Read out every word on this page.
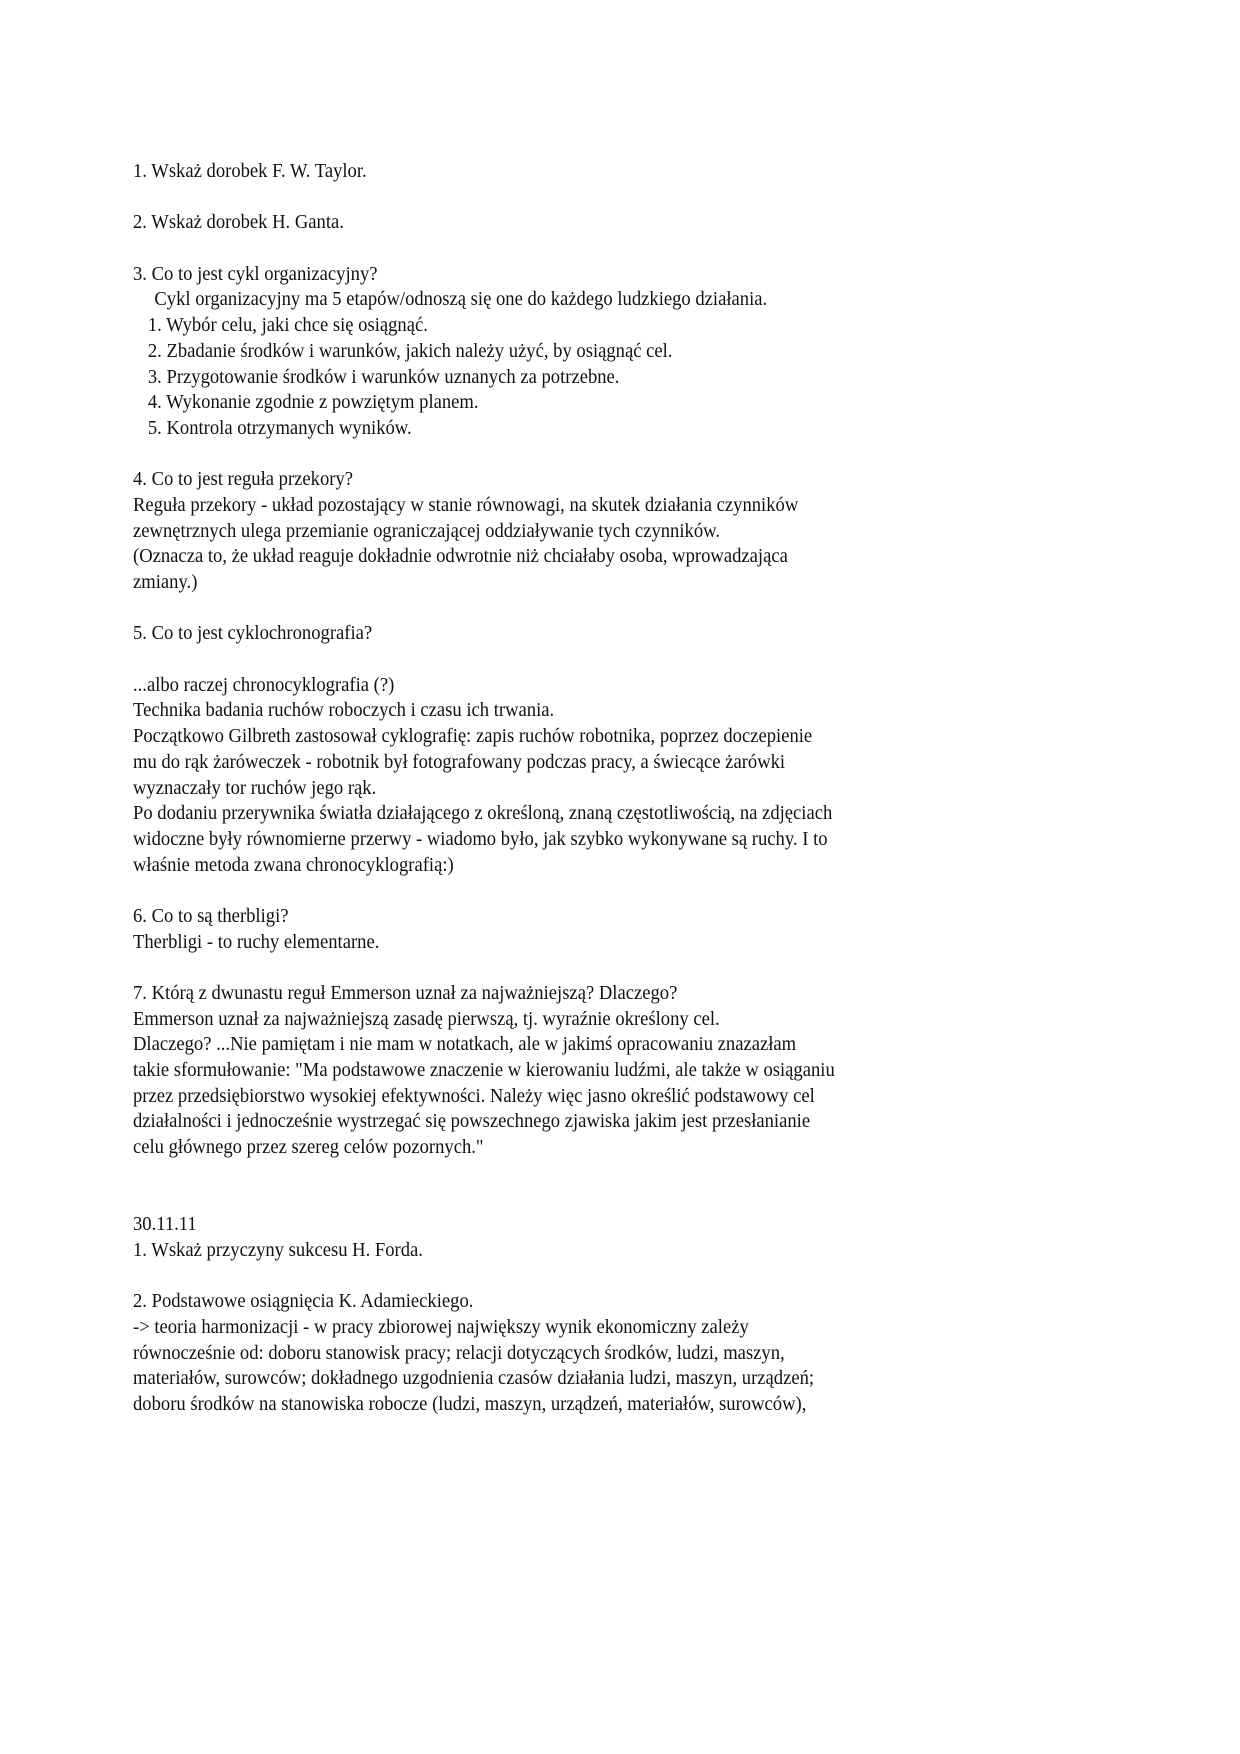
1. Wskaż dorobek F. W. Taylor.
2. Wskaż dorobek H. Ganta.
3. Co to jest cykl organizacyjny?
Cykl organizacyjny ma 5 etapów/odnoszą się one do każdego ludzkiego działania.
1. Wybór celu, jaki chce się osiągnąć.
2. Zbadanie środków i warunków, jakich należy użyć, by osiągnąć cel.
3. Przygotowanie środków i warunków uznanych za potrzebne.
4. Wykonanie zgodnie z powziętym planem.
5. Kontrola otrzymanych wyników.
4. Co to jest reguła przekory?
Reguła przekory - układ pozostający w stanie równowagi, na skutek działania czynników
zewnętrznych ulega przemianie ograniczającej oddziaływanie tych czynników.
(Oznacza to, że układ reaguje dokładnie odwrotnie niż chciałaby osoba, wprowadzająca
zmiany.)
5. Co to jest cyklochronografia?
...albo raczej chronocyklografia (?)
Technika badania ruchów roboczych i czasu ich trwania.
Początkowo Gilbreth zastosował cyklografię: zapis ruchów robotnika, poprzez doczepienie
mu do rąk żaróweczek - robotnik był fotografowany podczas pracy, a świecące żarówki
wyznaczały tor ruchów jego rąk.
Po dodaniu przerywnika światła działającego z określoną, znaną częstotliwością, na zdjęciach
widoczne były równomierne przerwy - wiadomo było, jak szybko wykonywane są ruchy. I to
właśnie metoda zwana chronocyklografią:)
6. Co to są therbligi?
Therbligi - to ruchy elementarne.
7. Którą z dwunastu reguł Emmerson uznał za najważniejszą? Dlaczego?
Emmerson uznał za najważniejszą zasadę pierwszą, tj. wyraźnie określony cel.
Dlaczego? ...Nie pamiętam i nie mam w notatkach, ale w jakimś opracowaniu znazazłam
takie sformułowanie: "Ma podstawowe znaczenie w kierowaniu ludźmi, ale także w osiąganiu
przez przedsiębiorstwo wysokiej efektywności. Należy więc jasno określić podstawowy cel
działalności i jednocześnie wystrzegać się powszechnego zjawiska jakim jest przesłanianie
celu głównego przez szereg celów pozornych."
30.11.11
1. Wskaż przyczyny sukcesu H. Forda.
2. Podstawowe osiągnięcia K. Adamieckiego.
-> teoria harmonizacji - w pracy zbiorowej największy wynik ekonomiczny zależy
równocześnie od: doboru stanowisk pracy; relacji dotyczących środków, ludzi, maszyn,
materiałów, surowców; dokładnego uzgodnienia czasów działania ludzi, maszyn, urządzeń;
doboru środków na stanowiska robocze (ludzi, maszyn, urządzeń, materiałów, surowców),
